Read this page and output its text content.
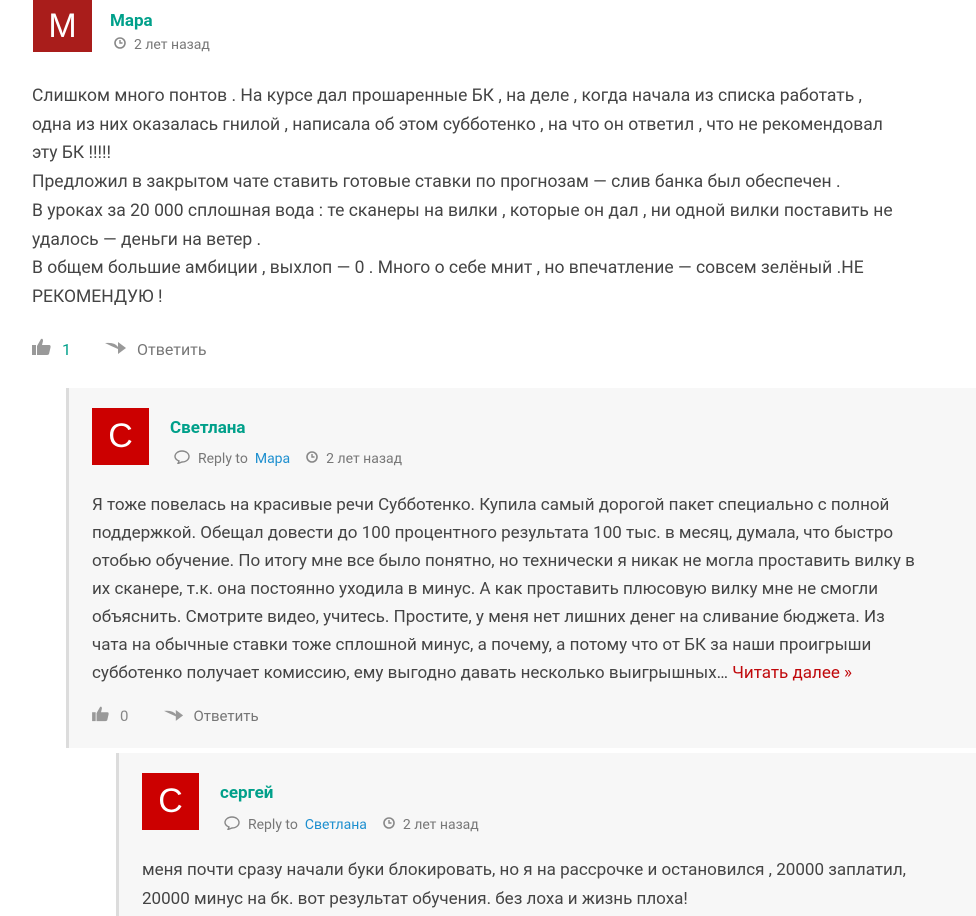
M	Мара
2 лет назад
Слишком много понтов . На курсе дал прошаренные БК , на деле , когда начала из списка работать ,
одна из них оказалась гнилой , написала об этом субботенко , на что он ответил , что не рекомендовал
эту БК !!!!!
Предложил в закрытом чате ставить готовые ставки по прогнозам — слив банка был обеспечен .
В уроках за 20 000 сплошная вода : те сканеры на вилки , которые он дал , ни одной вилки поставить не
удалось — деньги на ветер .
В общем большие амбиции , выхлоп — 0 . Много о себе мнит , но впечатление — совсем зелёный .НЕ
РЕКОМЕНДУЮ !
1	Ответить
С	Светлана
Reply to Мара	2 лет назад
Я тоже повелась на красивые речи Субботенко. Купила самый дорогой пакет специально с полной
поддержкой. Обещал довести до 100 процентного результата 100 тыс. в месяц, думала, что быстро
отобью обучение. По итогу мне все было понятно, но технически я никак не могла проставить вилку в
их сканере, т.к. она постоянно уходила в минус. А как проставить плюсовую вилку мне не смогли
объяснить. Смотрите видео, учитесь. Простите, у меня нет лишних денег на сливание бюджета. Из
чата на обычные ставки тоже сплошной минус, а почему, а потому что от БК за наши проигрыши
субботенко получает комиссию, ему выгодно давать несколько выигрышных… Читать далее »
0	Ответить
С	сергей
Reply to Светлана	2 лет назад
меня почти сразу начали буки блокировать, но я на рассрочке и остановился , 20000 заплатил,
20000 минус на бк. вот результат обучения. без лоха и жизнь плоха!
